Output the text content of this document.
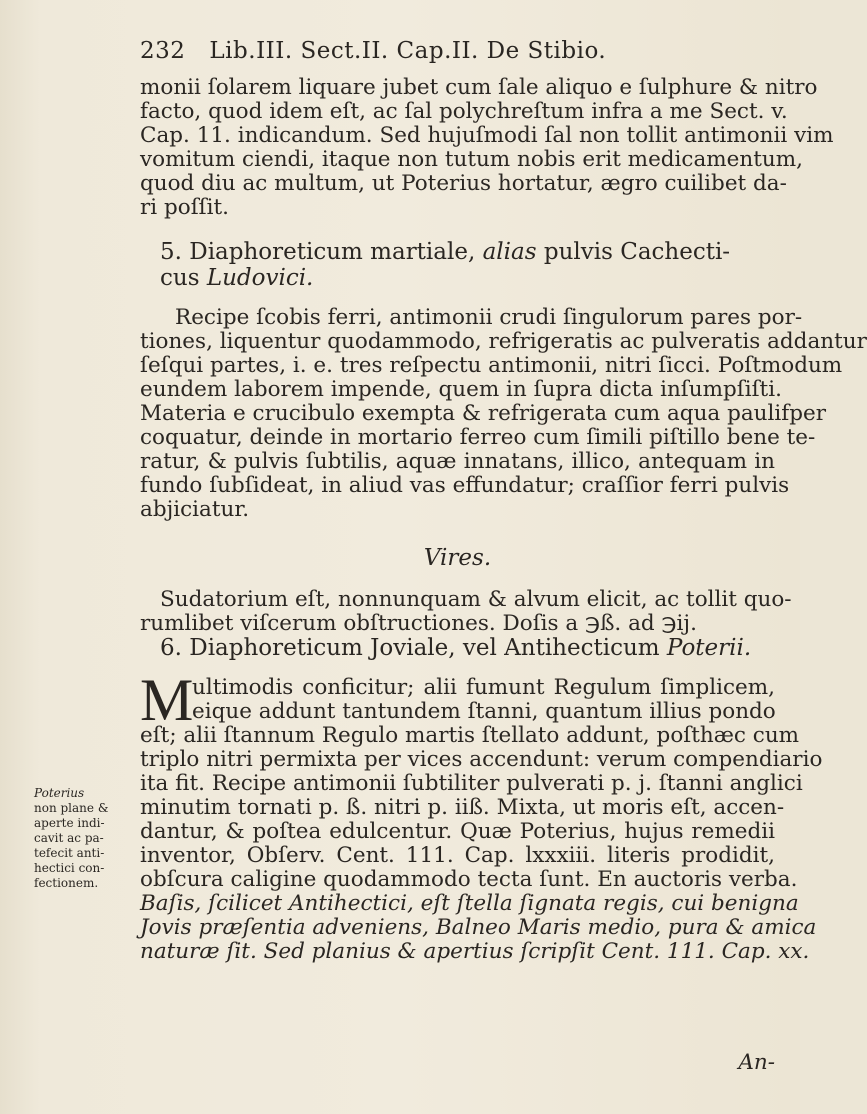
232 Lib.III. Sect.II. Cap.II. De Stibio.
monii ſolarem liquare jubet cum ſale aliquo e ſulphure & nitro
facto, quod idem eſt, ac ſal polychreſtum infra a me Sect. v.
Cap. 11. indicandum. Sed hujuſmodi ſal non tollit antimonii vim
vomitum ciendi, itaque non tutum nobis erit medicamentum,
quod diu ac multum, ut Poterius hortatur, ægro cuilibet da-
ri poſſit.
5. Diaphoreticum martiale, alias pulvis Cachecti-
cus Ludovici.
Recipe ſcobis ferri, antimonii crudi ſingulorum pares por-
tiones, liquentur quodammodo, refrigeratis ac pulveratis addantur
ſeſqui partes, i. e. tres reſpectu antimonii, nitri ſicci. Poſtmodum
eundem laborem impende, quem in ſupra dicta inſumpſiſti.
Materia e crucibulo exempta & refrigerata cum aqua paulifper
coquatur, deinde in mortario ferreo cum ſimili piſtillo bene te-
ratur, & pulvis ſubtilis, aquæ innatans, illico, antequam in
fundo ſubſideat, in aliud vas effundatur; craſſior ferri pulvis
abjiciatur.
Vires.
Sudatorium eſt, nonnunquam & alvum elicit, ac tollit quo-
rumlibet viſcerum obſtructiones. Doſis a ℈ß. ad ℈ij.
6. Diaphoreticum Joviale, vel Antihecticum Poterii.
M
ultimodis conficitur; alii fumunt Regulum ſimplicem,
eique addunt tantundem ſtanni, quantum illius pondo
eſt; alii ſtannum Regulo martis ſtellato addunt, poſthæc cum
triplo nitri permixta per vices accendunt: verum compendiario
ita fit. Recipe antimonii ſubtiliter pulverati p. j. ſtanni anglici
minutim tornati p. ß. nitri p. iiß. Mixta, ut moris eſt, accen-
dantur, & poſtea edulcentur. Quæ Poterius, hujus remedii
inventor, Obſerv. Cent. 111. Cap. lxxxiii. literis prodidit,
obſcura caligine quodammodo tecta ſunt. En auctoris verba.
Baſis, ſcilicet Antihectici, eſt ſtella ſignata regis, cui benigna
Jovis præſentia adveniens, Balneo Maris medio, pura & amica
naturæ ſit. Sed planius & apertius ſcripſit Cent. 111. Cap. xx.
Poterius
non plane &
aperte indi-
cavit ac pa-
tefecit anti-
hectici con-
fectionem.
An-
